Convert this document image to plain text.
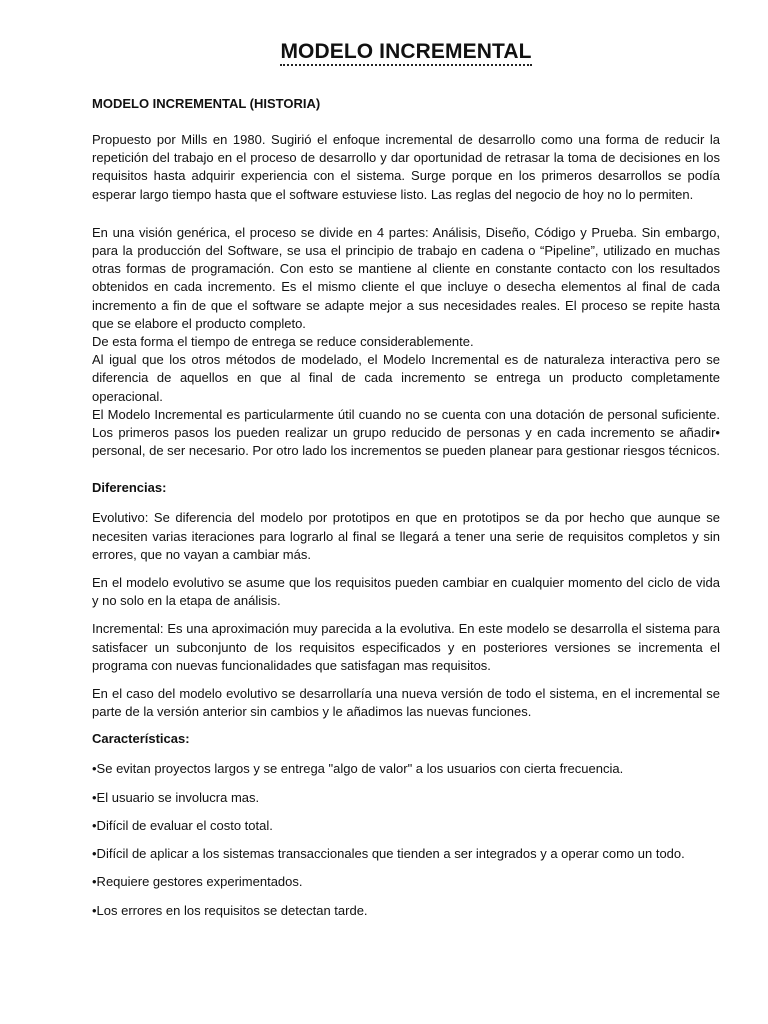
MODELO INCREMENTAL

MODELO INCREMENTAL (HISTORIA)

Propuesto por Mills en 1980. Sugirió el enfoque incremental de desarrollo como una forma de reducir la repetición del trabajo en el proceso de desarrollo y dar oportunidad de retrasar la toma de decisiones en los requisitos hasta adquirir experiencia con el sistema. Surge porque en los primeros desarrollos se podía esperar largo tiempo hasta que el software estuviese listo. Las reglas del negocio de hoy no lo permiten.

En una visión genérica, el proceso se divide en 4 partes: Análisis, Diseño, Código y Prueba. Sin embargo, para la producción del Software, se usa el principio de trabajo en cadena o “Pipeline”, utilizado en muchas otras formas de programación. Con esto se mantiene al cliente en constante contacto con los resultados obtenidos en cada incremento. Es el mismo cliente el que incluye o desecha elementos al final de cada incremento a fin de que el software se adapte mejor a sus necesidades reales. El proceso se repite hasta que se elabore el producto completo.

De esta forma el tiempo de entrega se reduce considerablemente.

Al igual que los otros métodos de modelado, el Modelo Incremental es de naturaleza interactiva pero se diferencia de aquellos en que al final de cada incremento se entrega un producto completamente operacional.

El Modelo Incremental es particularmente útil cuando no se cuenta con una dotación de personal suficiente. Los primeros pasos los pueden realizar un grupo reducido de personas y en cada incremento se añadir• personal, de ser necesario. Por otro lado los incrementos se pueden planear para gestionar riesgos técnicos.

Diferencias:

Evolutivo: Se diferencia del modelo por prototipos en que en prototipos se da por hecho que aunque se necesiten varias iteraciones para lograrlo al final se llegará a tener una serie de requisitos completos y sin errores, que no vayan a cambiar más.

En el modelo evolutivo se asume que los requisitos pueden cambiar en cualquier momento del ciclo de vida y no solo en la etapa de análisis.

Incremental: Es una aproximación muy parecida a la evolutiva. En este modelo se desarrolla el sistema para satisfacer un subconjunto de los requisitos especificados y en posteriores versiones se incrementa el programa con nuevas funcionalidades que satisfagan mas requisitos.

En el caso del modelo evolutivo se desarrollaría una nueva versión de todo el sistema, en el incremental se parte de la versión anterior sin cambios y le añadimos las nuevas funciones.

Características:

•Se evitan proyectos largos y se entrega "algo de valor" a los usuarios con cierta frecuencia.

•El usuario se involucra mas.

•Difícil de evaluar el costo total.

•Difícil de aplicar a los sistemas transaccionales que tienden a ser integrados y a operar como un todo.

•Requiere gestores experimentados.

•Los errores en los requisitos se detectan tarde.
